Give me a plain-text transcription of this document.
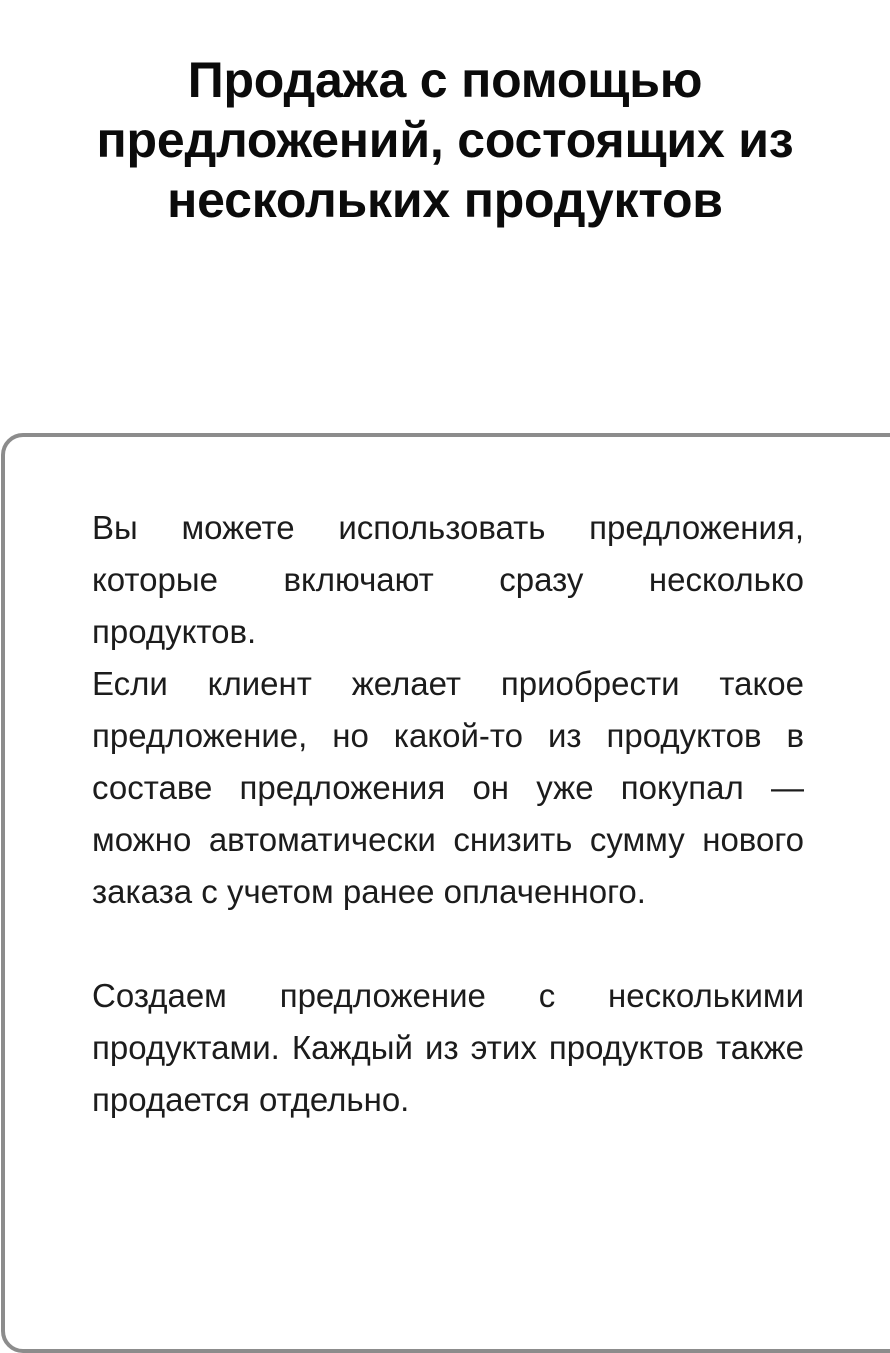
Продажа с помощью
предложений, состоящих из
нескольких продуктов

Вы можете использовать предложения, которые включают сразу несколько продуктов.

Если клиент желает приобрести такое предложение, но какой-то из продуктов в составе предложения он уже покупал — можно автоматически снизить сумму нового заказа с учетом ранее оплаченного.

Создаем предложение с несколькими продуктами. Каждый из этих продуктов также продается отдельно.
